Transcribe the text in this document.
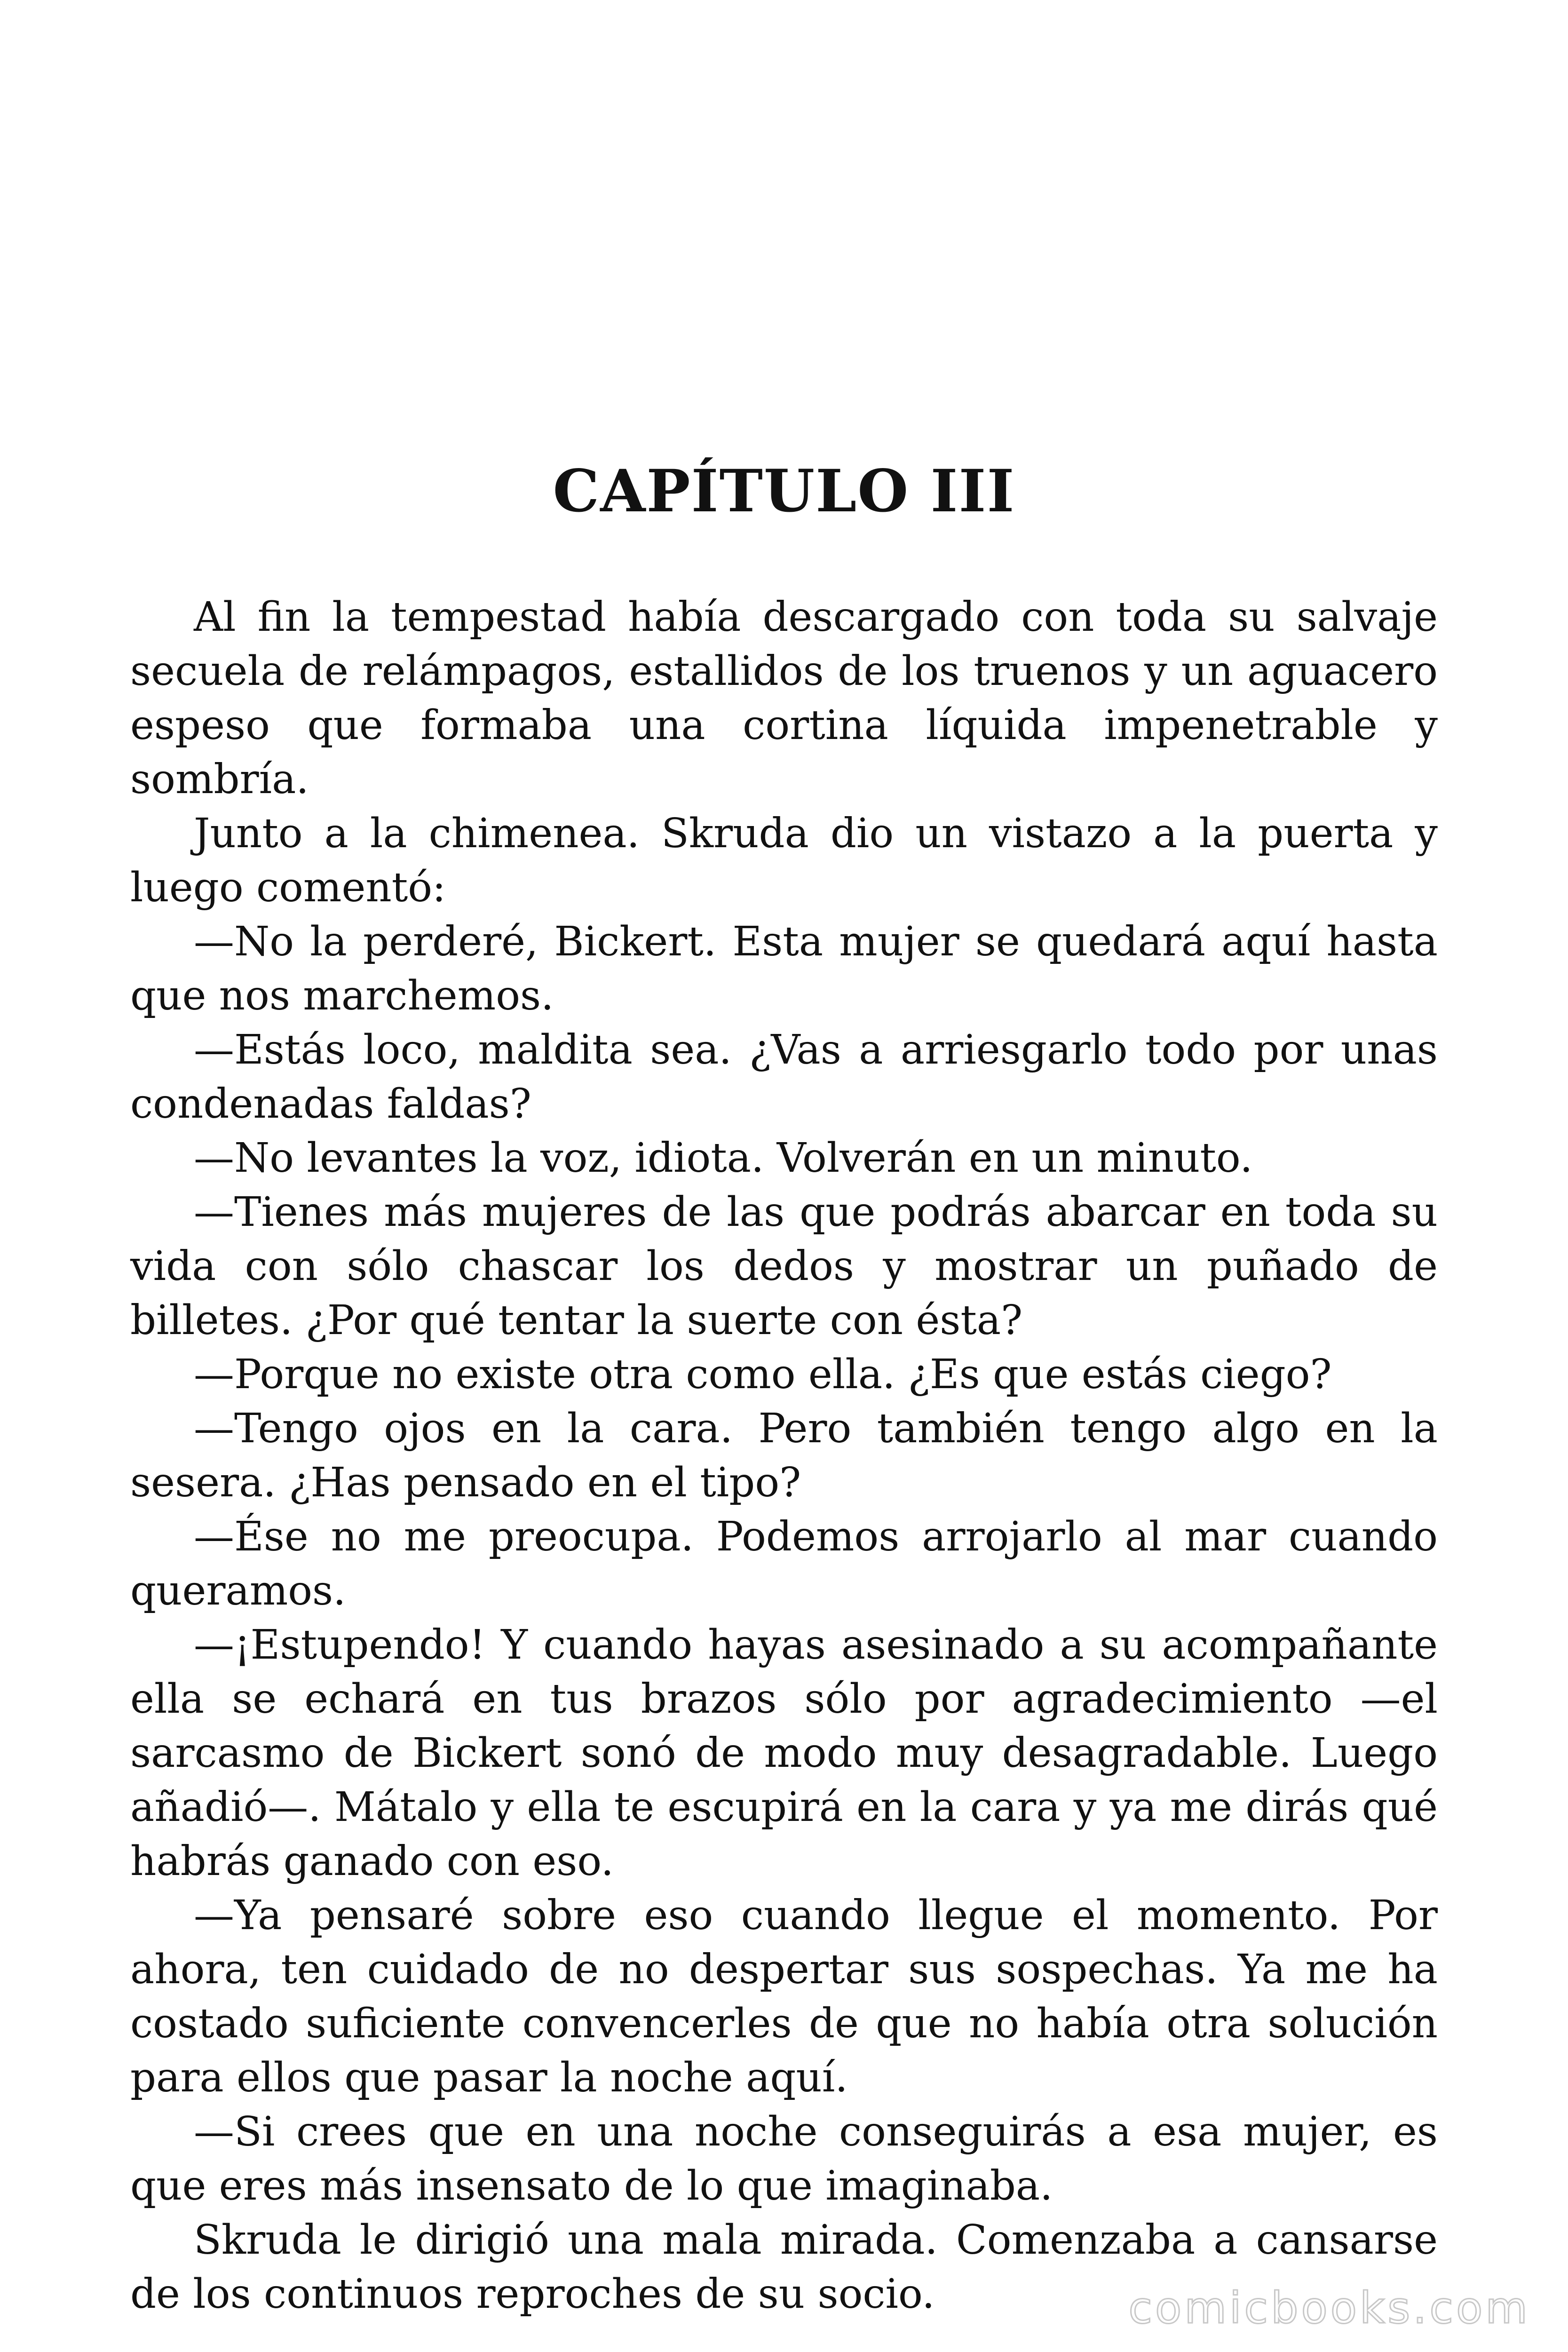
CAPÍTULO III

Al fin la tempestad había descargado con toda su salvaje secuela de relámpagos, estallidos de los truenos y un aguacero espeso que formaba una cortina líquida impenetrable y sombría.

Junto a la chimenea. Skruda dio un vistazo a la puerta y luego comentó:

—No la perderé, Bickert. Esta mujer se quedará aquí hasta que nos marchemos.

—Estás loco, maldita sea. ¿Vas a arriesgarlo todo por unas condenadas faldas?

—No levantes la voz, idiota. Volverán en un minuto.

—Tienes más mujeres de las que podrás abarcar en toda su vida con sólo chascar los dedos y mostrar un puñado de billetes. ¿Por qué tentar la suerte con ésta?

—Porque no existe otra como ella. ¿Es que estás ciego?

—Tengo ojos en la cara. Pero también tengo algo en la sesera. ¿Has pensado en el tipo?

—Ése no me preocupa. Podemos arrojarlo al mar cuando queramos.

—¡Estupendo! Y cuando hayas asesinado a su acompañante ella se echará en tus brazos sólo por agradecimiento —el sarcasmo de Bickert sonó de modo muy desagradable. Luego añadió—. Mátalo y ella te escupirá en la cara y ya me dirás qué habrás ganado con eso.

—Ya pensaré sobre eso cuando llegue el momento. Por ahora, ten cuidado de no despertar sus sospechas. Ya me ha costado suficiente convencerles de que no había otra solución para ellos que pasar la noche aquí.

—Si crees que en una noche conseguirás a esa mujer, es que eres más insensato de lo que imaginaba.

Skruda le dirigió una mala mirada. Comenzaba a cansarse de los continuos reproches de su socio.	comicbooks.com
